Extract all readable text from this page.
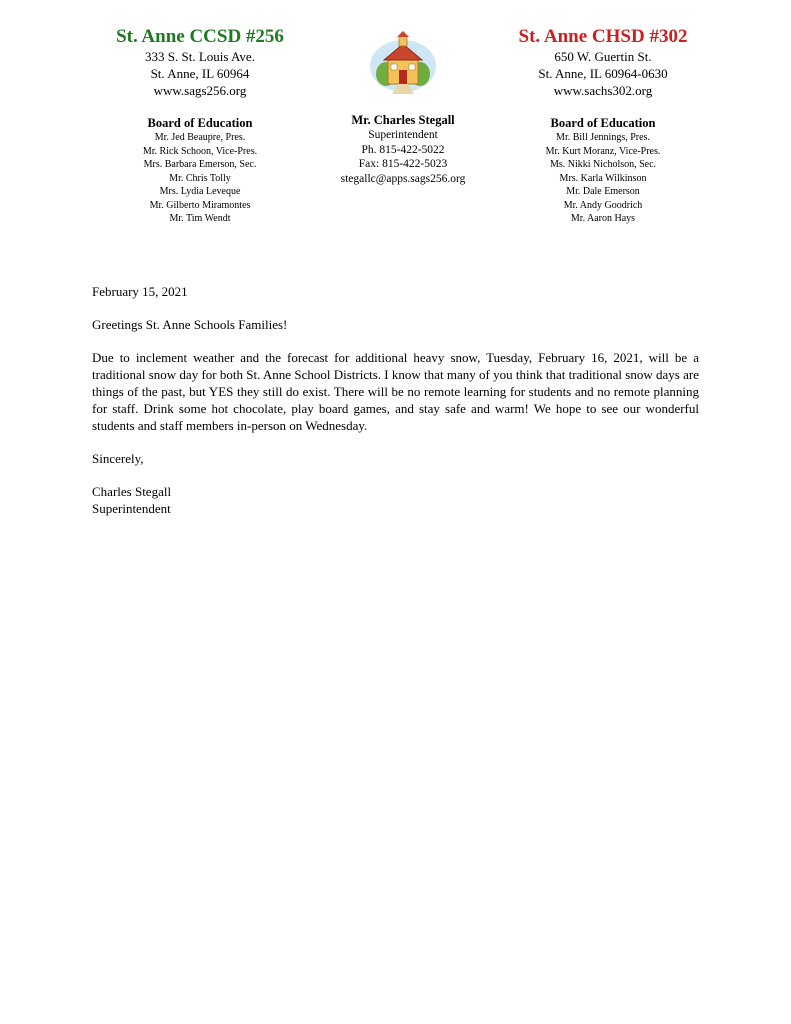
St. Anne CCSD #256

333 S. St. Louis Ave.

St. Anne, IL 60964

www.sags256.org

Board of Education

Mr. Jed Beaupre, Pres.

Mr. Rick Schoon, Vice-Pres.

Mrs. Barbara Emerson, Sec.

Mr. Chris Tolly

Mrs. Lydia Leveque

Mr. Gilberto Miramontes

Mr. Tim Wendt

Mr. Charles Stegall

Superintendent

Ph. 815-422-5022

Fax: 815-422-5023

stegallc@apps.sags256.org

St. Anne CHSD #302

650 W. Guertin St.

St. Anne, IL 60964-0630

www.sachs302.org

Board of Education

Mr. Bill Jennings, Pres.

Mr. Kurt Moranz, Vice-Pres.

Ms. Nikki Nicholson, Sec.

Mrs. Karla Wilkinson

Mr. Dale Emerson

Mr. Andy Goodrich

Mr. Aaron Hays

February 15, 2021

Greetings St. Anne Schools Families!

Due to inclement weather and the forecast for additional heavy snow, Tuesday, February 16, 2021, will be a traditional snow day for both St. Anne School Districts. I know that many of you think that traditional snow days are things of the past, but YES they still do exist. There will be no remote learning for students and no remote planning for staff. Drink some hot chocolate, play board games, and stay safe and warm! We hope to see our wonderful students and staff members in-person on Wednesday.

Sincerely,

Charles Stegall

Superintendent
